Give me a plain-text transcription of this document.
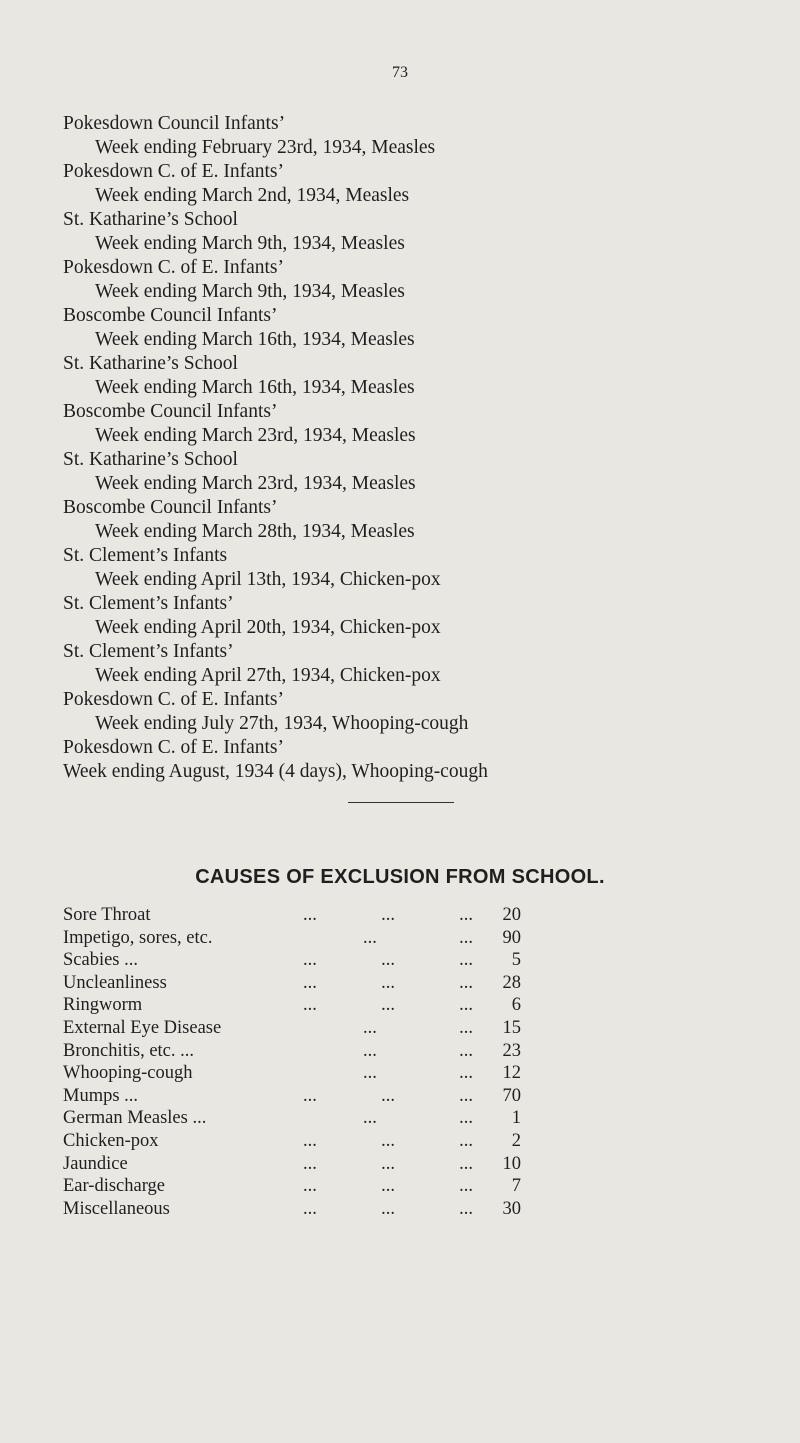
73
Pokesdown Council Infants’
Week ending February 23rd, 1934, Measles
Pokesdown C. of E. Infants’
Week ending March 2nd, 1934, Measles
St. Katharine’s School
Week ending March 9th, 1934, Measles
Pokesdown C. of E. Infants’
Week ending March 9th, 1934, Measles
Boscombe Council Infants’
Week ending March 16th, 1934, Measles
St. Katharine’s School
Week ending March 16th, 1934, Measles
Boscombe Council Infants’
Week ending March 23rd, 1934, Measles
St. Katharine’s School
Week ending March 23rd, 1934, Measles
Boscombe Council Infants’
Week ending March 28th, 1934, Measles
St. Clement’s Infants
Week ending April 13th, 1934, Chicken-pox
St. Clement’s Infants’
Week ending April 20th, 1934, Chicken-pox
St. Clement’s Infants’
Week ending April 27th, 1934, Chicken-pox
Pokesdown C. of E. Infants’
Week ending July 27th, 1934, Whooping-cough
Pokesdown C. of E. Infants’
Week ending August, 1934 (4 days), Whooping-cough
CAUSES OF EXCLUSION FROM SCHOOL.
Sore Throat	...	...	...	20
Impetigo, sores, etc.	...	...	90
Scabies ...	...	...	...	5
Uncleanliness	...	...	...	28
Ringworm	...	...	...	6
External Eye Disease	...	...	15
Bronchitis, etc. ...	...	...	23
Whooping-cough	...	...	12
Mumps ...	...	...	...	70
German Measles ...	...	...	1
Chicken-pox	...	...	...	2
Jaundice	...	...	...	10
Ear-discharge	...	...	...	7
Miscellaneous	...	...	...	30
